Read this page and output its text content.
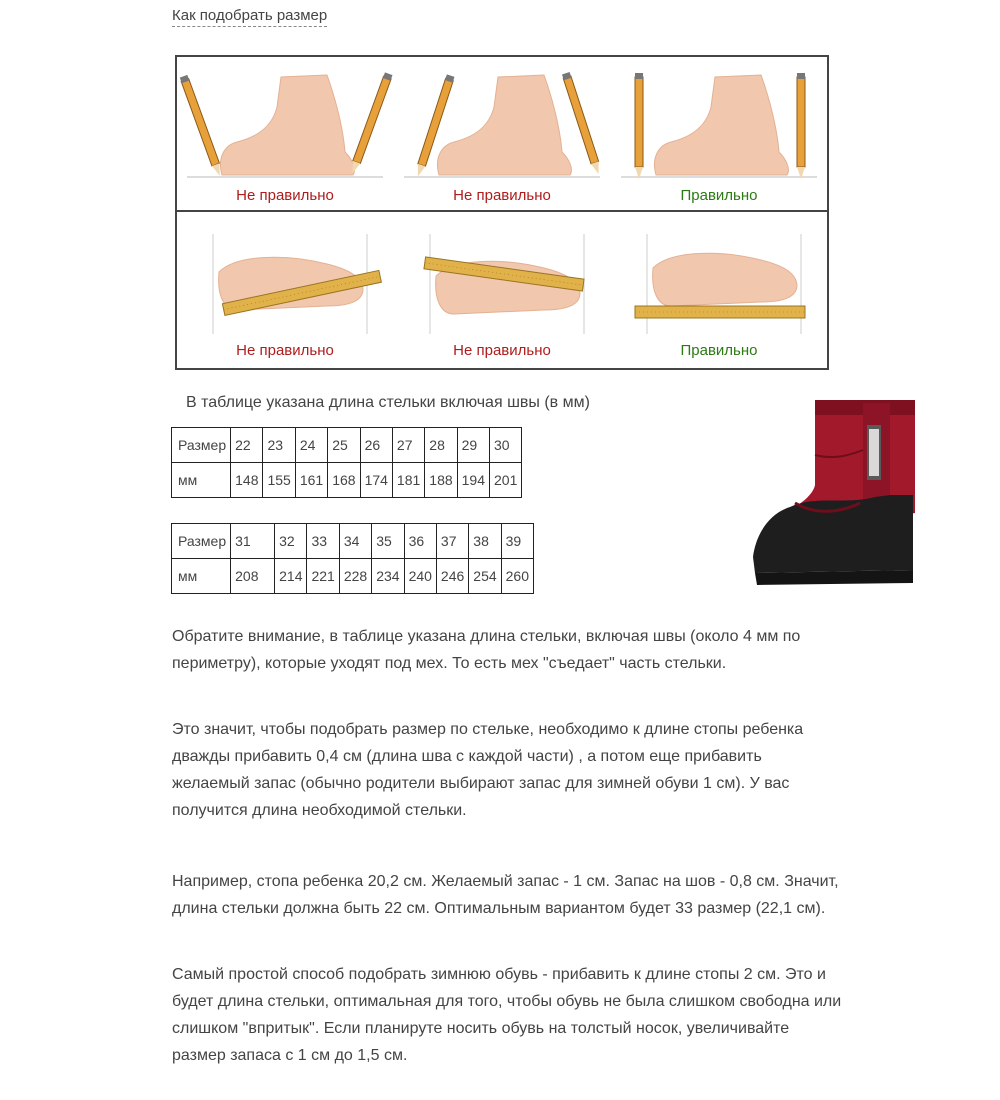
Как подобрать размер
Не правильно	Не правильно	Правильно
Не правильно	Не правильно	Правильно
В таблице указана длина стельки включая швы (в мм)
Размер	22	23	24	25	26	27	28	29	30
мм	148	155	161	168	174	181	188	194	201
Размер	31	32	33	34	35	36	37	38	39
мм	208	214	221	228	234	240	246	254	260
Обратите внимание, в таблице указана длина стельки, включая швы (около 4 мм по периметру), которые уходят под мех. То есть мех "съедает" часть стельки.
Это значит, чтобы подобрать размер по стельке, необходимо к длине стопы ребенка дважды прибавить 0,4 см (длина шва с каждой части) , а потом еще прибавить желаемый запас (обычно родители выбирают запас для зимней обуви 1 см). У вас получится длина необходимой стельки.
Например, стопа ребенка 20,2 см. Желаемый запас - 1 см. Запас на шов - 0,8 см. Значит, длина стельки должна быть 22 см. Оптимальным вариантом будет 33 размер (22,1 см).
Самый простой способ подобрать зимнюю обувь - прибавить к длине стопы 2 см. Это и будет длина стельки, оптимальная для того, чтобы обувь не была слишком свободна или слишком "впритык". Если планируте носить обувь на толстый носок, увеличивайте размер запаса с 1 см до 1,5 см.
